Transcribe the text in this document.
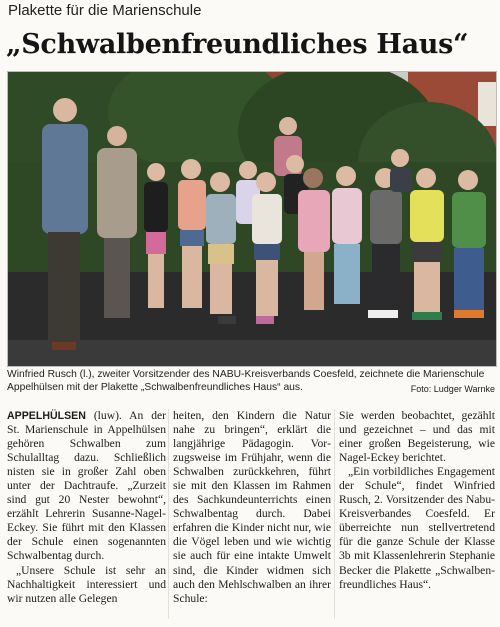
Plakette für die Marienschule
„Schwalbenfreundliches Haus“
Winfried Rusch (l.), zweiter Vorsitzender des NABU-Kreisverbands Coesfeld, zeichnete die Marienschule Appelhülsen mit der Plakette „Schwalbenfreundliches Haus“ aus.	Foto: Ludger Warnke

APPELHÜLSEN (luw). An der St. Marienschule in Appelhülsen gehören Schwalben zum Schulalltag dazu. Schließlich nisten sie in großer Zahl oben unter der Dachtraufe. „Zurzeit sind gut 20 Nester bewohnt“, erzählt Lehrerin Susanne-Nagel-Eckey. Sie führt mit den Klassen der Schule einen sogenannten Schwalbentag durch.

„Unsere Schule ist sehr an Nachhaltigkeit interessiert und wir nutzen alle Gelegen

heiten, den Kindern die Natur nahe zu bringen“, erklärt die langjährige Pädagogin. Vorzugsweise im Frühjahr, wenn die Schwalben zurückkehren, führt sie mit den Klassen im Rahmen des Sachkundeunterrichts einen Schwalbentag durch. Dabei erfahren die Kinder nicht nur, wie die Vögel leben und wie wichtig sie auch für eine intakte Umwelt sind, die Kinder widmen sich auch den Mehlschwalben an ihrer Schule:

Sie werden beobachtet, gezählt und gezeichnet – und das mit einer großen Begeisterung, wie Nagel-Eckey berichtet.

„Ein vorbildliches Engagement der Schule“, findet Winfried Rusch, 2. Vorsitzender des Nabu-Kreisverbandes Coesfeld. Er überreichte nun stellvertretend für die ganze Schule der Klasse 3b mit Klassenlehrerin Stephanie Becker die Plakette „Schwalbenfreundliches Haus“.
